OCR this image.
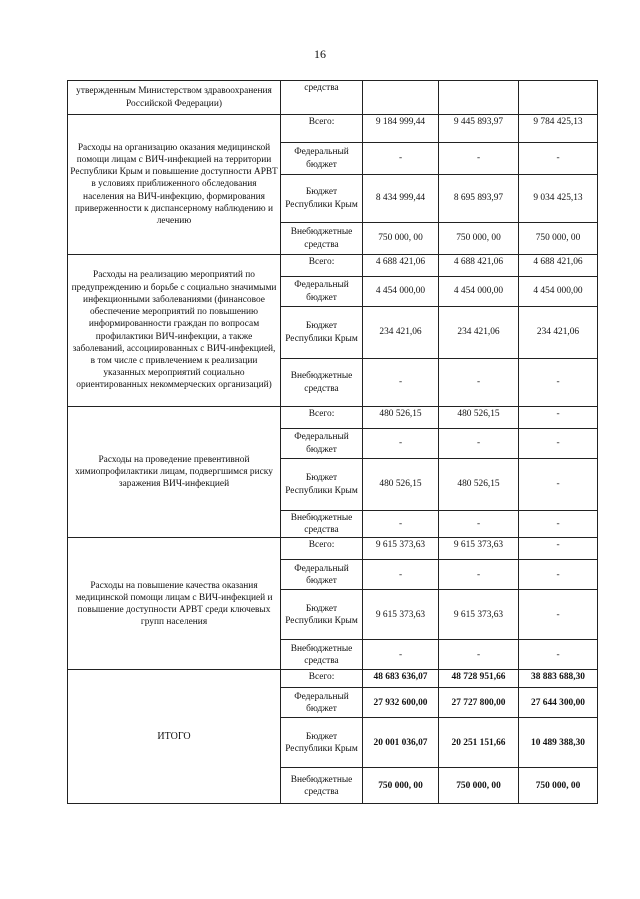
16
утвержденным Министерством здравоохранения Российской Федерации)	средства			
Расходы на организацию оказания медицинской помощи лицам с ВИЧ-инфекцией на территории Республики Крым и повышение доступности АРВТ в условиях приближенного обследования населения на ВИЧ-инфекцию, формирования приверженности к диспансерному наблюдению и лечению	Всего:	9 184 999,44	9 445 893,97	9 784 425,13
	Федеральный бюджет	-	-	-
	Бюджет Республики Крым	8 434 999,44	8 695 893,97	9 034 425,13
	Внебюджетные средства	750 000, 00	750 000, 00	750 000, 00
Расходы на реализацию мероприятий по предупреждению и борьбе с социально значимыми инфекционными заболеваниями (финансовое обеспечение мероприятий по повышению информированности граждан по вопросам профилактики ВИЧ-инфекции, а также заболеваний, ассоциированных с ВИЧ-инфекцией, в том числе с привлечением к реализации указанных мероприятий социально ориентированных некоммерческих организаций)	Всего:	4 688 421,06	4 688 421,06	4 688 421,06
	Федеральный бюджет	4 454 000,00	4 454 000,00	4 454 000,00
	Бюджет Республики Крым	234 421,06	234 421,06	234 421,06
	Внебюджетные средства	-	-	-
Расходы на проведение превентивной химиопрофилактики лицам, подвергшимся риску заражения ВИЧ-инфекцией	Всего:	480 526,15	480 526,15	-
	Федеральный бюджет	-	-	-
	Бюджет Республики Крым	480 526,15	480 526,15	-
	Внебюджетные средства	-	-	-
Расходы на повышение качества оказания медицинской помощи лицам с ВИЧ-инфекцией и повышение доступности АРВТ среди ключевых групп населения	Всего:	9 615 373,63	9 615 373,63	-
	Федеральный бюджет	-	-	-
	Бюджет Республики Крым	9 615 373,63	9 615 373,63	-
	Внебюджетные средства	-	-	-
ИТОГО	Всего:	48 683 636,07	48 728 951,66	38 883 688,30
	Федеральный бюджет	27 932 600,00	27 727 800,00	27 644 300,00
	Бюджет Республики Крым	20 001 036,07	20 251 151,66	10 489 388,30
	Внебюджетные средства	750 000, 00	750 000, 00	750 000, 00
